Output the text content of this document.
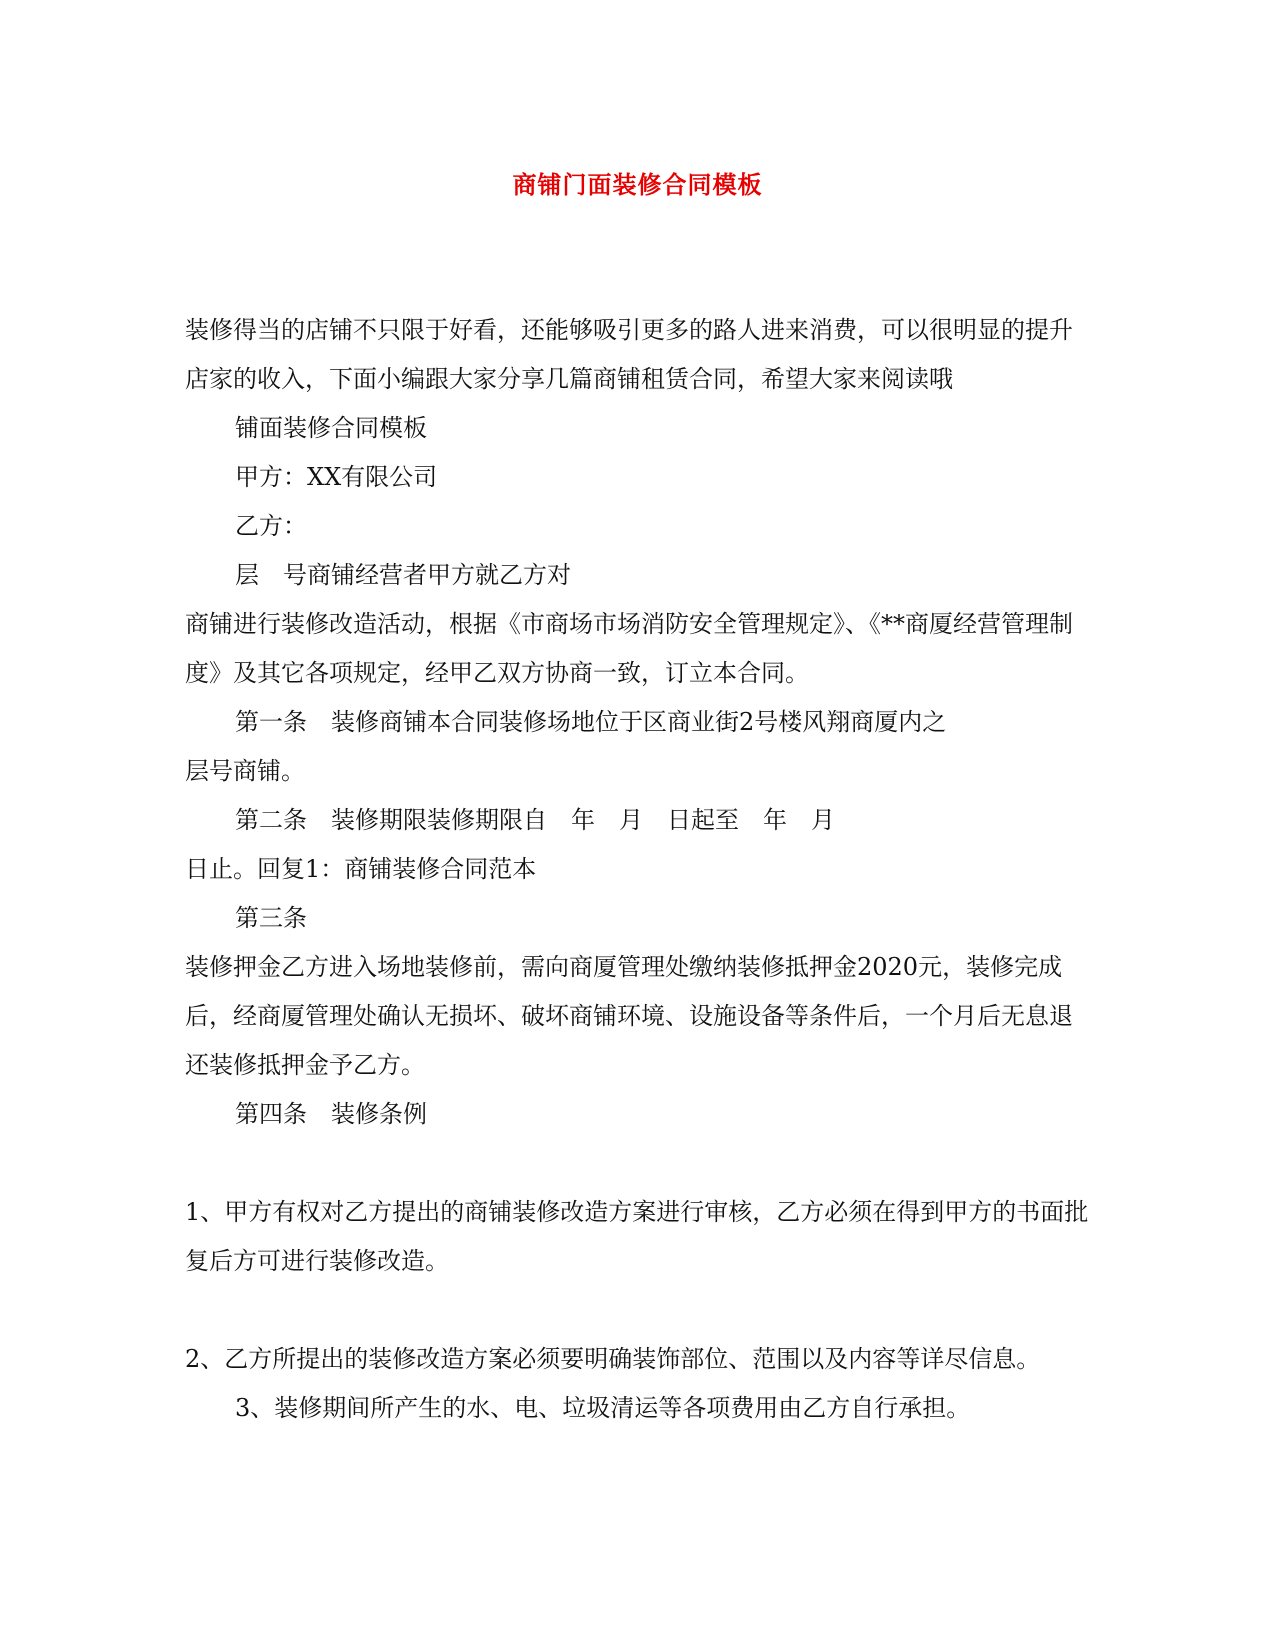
商铺门面装修合同模板

装修得当的店铺不只限于好看，还能够吸引更多的路人进来消费，可以很明显的提升店家的收入，下面小编跟大家分享几篇商铺租赁合同，希望大家来阅读哦

铺面装修合同模板

甲方：XX有限公司

乙方：

层　号商铺经营者甲方就乙方对

商铺进行装修改造活动，根据《市商场市场消防安全管理规定》、《**商厦经营管理制度》及其它各项规定，经甲乙双方协商一致，订立本合同。

第一条　装修商铺本合同装修场地位于区商业街2号楼风翔商厦内之

层号商铺。

第二条　装修期限装修期限自　年　月　日起至　年　月

日止。回复1：商铺装修合同范本

第三条

装修押金乙方进入场地装修前，需向商厦管理处缴纳装修抵押金2020元，装修完成后，经商厦管理处确认无损坏、破坏商铺环境、设施设备等条件后，一个月后无息退还装修抵押金予乙方。

第四条　装修条例

1、甲方有权对乙方提出的商铺装修改造方案进行审核，乙方必须在得到甲方的书面批复后方可进行装修改造。

2、乙方所提出的装修改造方案必须要明确装饰部位、范围以及内容等详尽信息。

3、装修期间所产生的水、电、垃圾清运等各项费用由乙方自行承担。
